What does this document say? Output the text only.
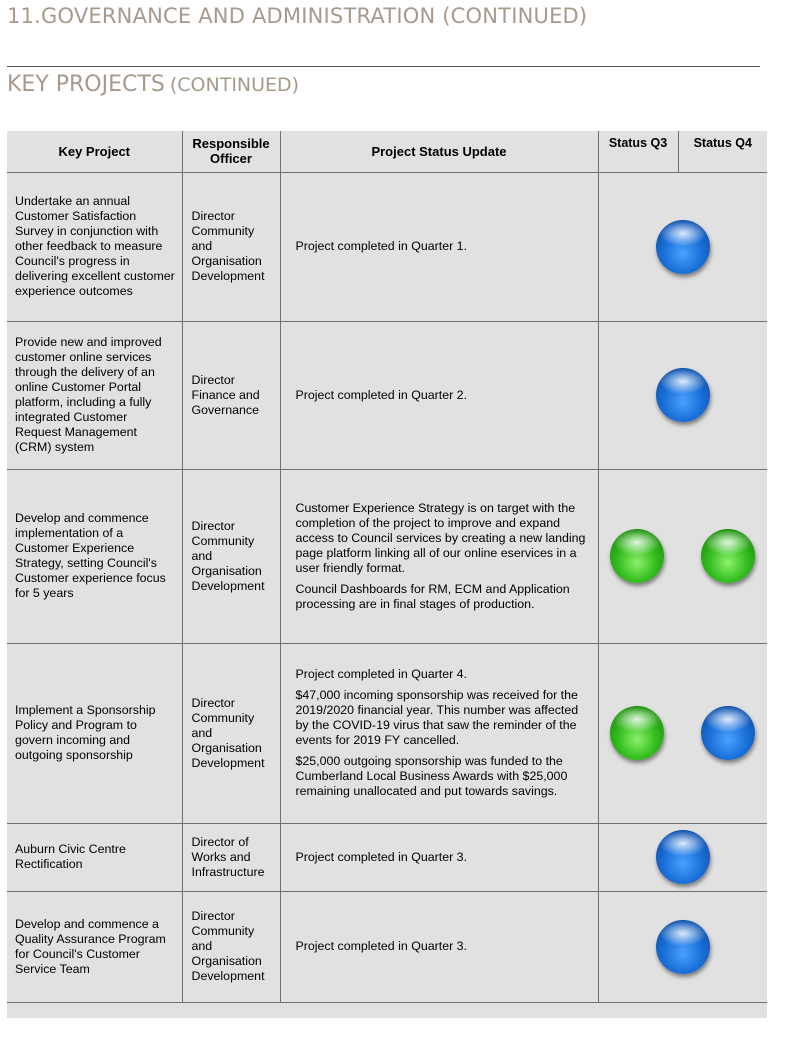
11.GOVERNANCE AND ADMINISTRATION (CONTINUED)
KEY PROJECTS (CONTINUED)
Key Project	Responsible Officer	Project Status Update	Status Q3	Status Q4
Undertake an annual Customer Satisfaction Survey in conjunction with other feedback to measure Council's progress in delivering excellent customer experience outcomes	Director Community and Organisation Development	Project completed in Quarter 1.		

Provide new and improved customer online services through the delivery of an online Customer Portal platform, including a fully integrated Customer Request Management (CRM) system	Director Finance and Governance	Project completed in Quarter 2.		

Develop and commence implementation of a Customer Experience Strategy, setting Council's Customer experience focus for 5 years	Director Community and Organisation Development	Customer Experience Strategy is on target with the completion of the project to improve and expand access to Council services by creating a new landing page platform linking all of our online eservices in a user friendly format.

Council Dashboards for RM, ECM and Application processing are in final stages of production.		

Implement a Sponsorship Policy and Program to govern incoming and outgoing sponsorship	Director Community and Organisation Development	Project completed in Quarter 4.

$47,000 incoming sponsorship was received for the 2019/2020 financial year. This number was affected by the COVID-19 virus that saw the reminder of the events for 2019 FY cancelled.

$25,000 outgoing sponsorship was funded to the Cumberland Local Business Awards with $25,000 remaining unallocated and put towards savings.		

Auburn Civic Centre Rectification	Director of Works and Infrastructure	Project completed in Quarter 3.		

Develop and commence a Quality Assurance Program for Council's Customer Service Team	Director Community and Organisation Development	Project completed in Quarter 3.		
